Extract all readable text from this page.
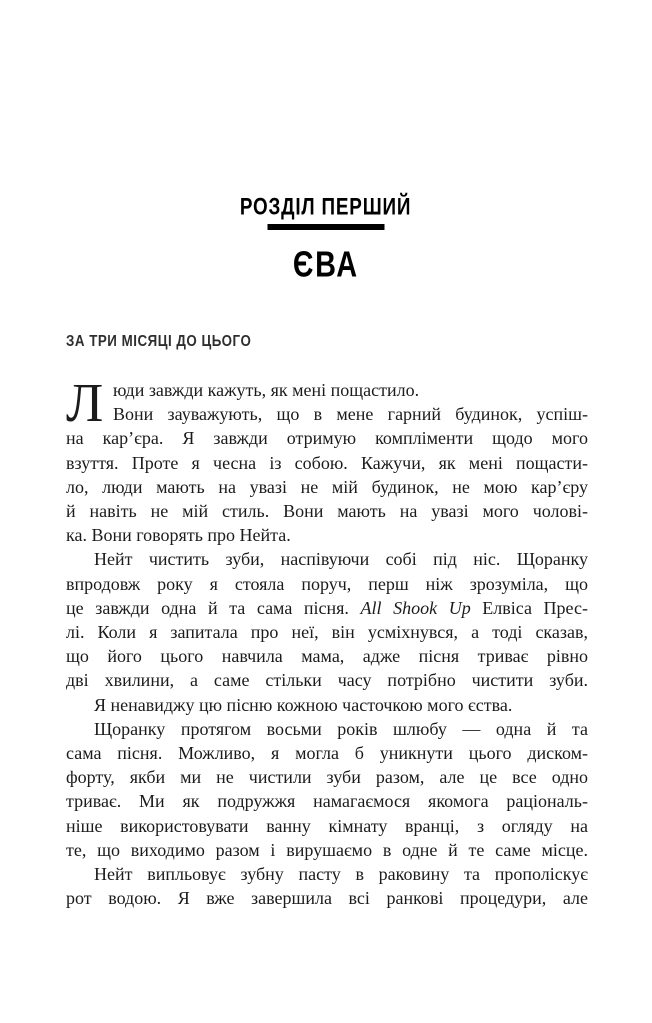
РОЗДІЛ ПЕРШИЙ
ЄВА
ЗА ТРИ МІСЯЦІ ДО ЦЬОГО
Л юди завжди кажуть, як мені пощастило.
Вони зауважують, що в мене гарний будинок, успіш-
на кар’єра. Я завжди отримую компліменти щодо мого
взуття. Проте я чесна із собою. Кажучи, як мені пощасти-
ло, люди мають на увазі не мій будинок, не мою кар’єру
й навіть не мій стиль. Вони мають на увазі мого чолові-
ка. Вони говорять про Нейта.
Нейт чистить зуби, наспівуючи собі під ніс. Щоранку
впродовж року я стояла поруч, перш ніж зрозуміла, що
це завжди одна й та сама пісня. All Shook Up Елвіса Прес-
лі. Коли я запитала про неї, він усміхнувся, а тоді сказав,
що його цього навчила мама, адже пісня триває рівно
дві хвилини, а саме стільки часу потрібно чистити зуби.
Я ненавиджу цю пісню кожною часточкою мого єства.
Щоранку протягом восьми років шлюбу — одна й та
сама пісня. Можливо, я могла б уникнути цього диском-
форту, якби ми не чистили зуби разом, але це все одно
триває. Ми як подружжя намагаємося якомога раціональ-
ніше використовувати ванну кімнату вранці, з огляду на
те, що виходимо разом і вирушаємо в одне й те саме місце.
Нейт випльовує зубну пасту в раковину та прополіскує
рот водою. Я вже завершила всі ранкові процедури, але
